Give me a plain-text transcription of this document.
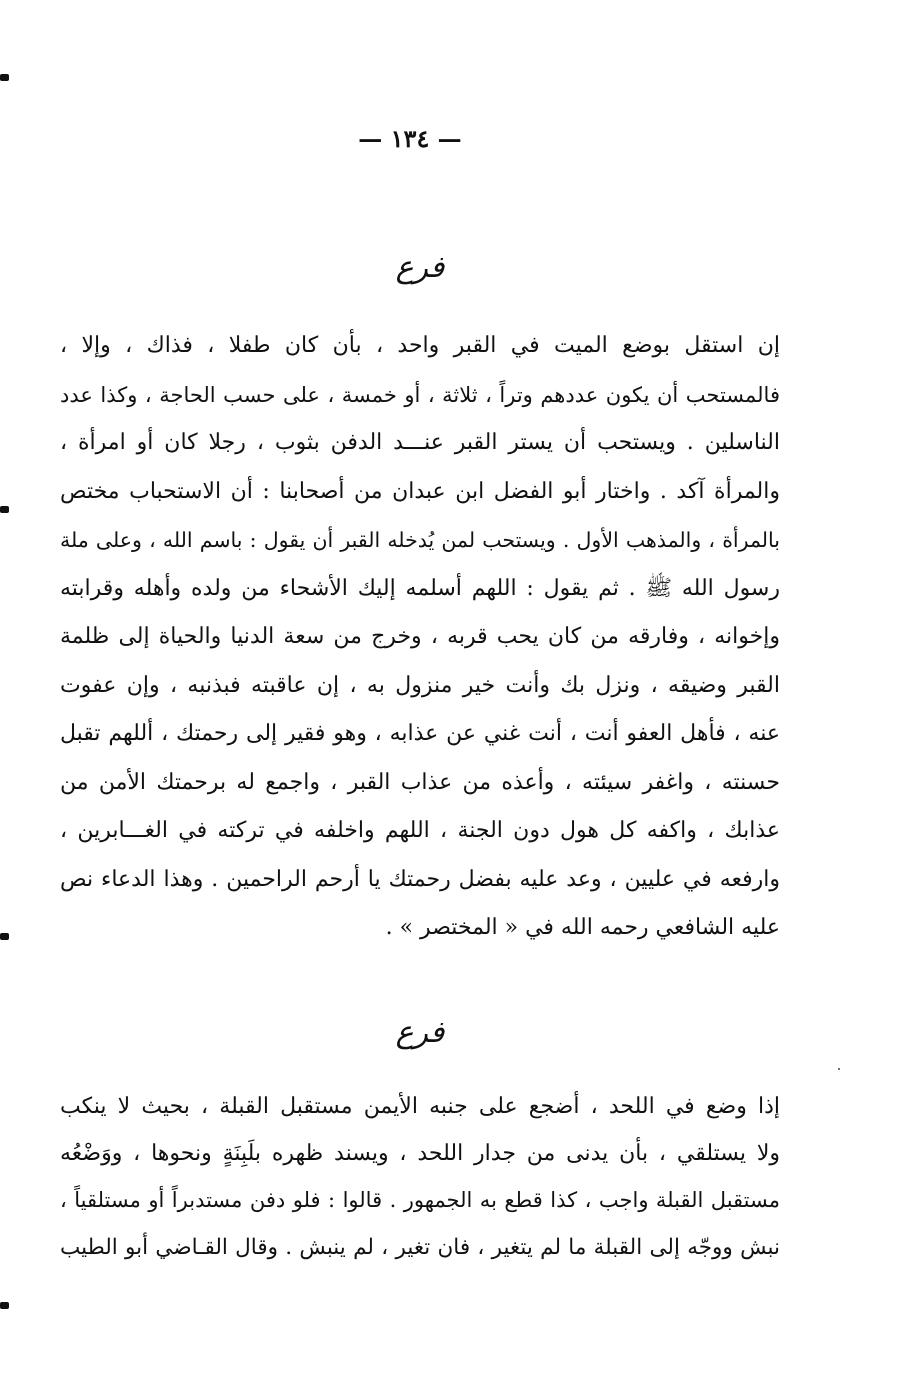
— ١٣٤ —
فرع
إن استقل بوضع الميت في القبر واحد ، بأن كان طفلا ، فذاك ، وإلا ،
فالمستحب أن يكون عددهم وتراً ، ثلاثة ، أو خمسة ، على حسب الحاجة ، وكذا عدد
الناسلين . ويستحب أن يستر القبر عنـــد الدفن بثوب ، رجلا كان أو امرأة ،
والمرأة آكد . واختار أبو الفضل ابن عبدان من أصحابنا : أن الاستحباب مختص
بالمرأة ، والمذهب الأول . ويستحب لمن يُدخله القبر أن يقول : باسم الله ، وعلى ملة
رسول الله ﷺ . ثم يقول : اللهم أسلمه إليك الأشحاء من ولده وأهله وقرابته
وإخوانه ، وفارقه من كان يحب قربه ، وخرج من سعة الدنيا والحياة إلى ظلمة
القبر وضيقه ، ونزل بك وأنت خير منزول به ، إن عاقبته فبذنبه ، وإن عفوت
عنه ، فأهل العفو أنت ، أنت غني عن عذابه ، وهو فقير إلى رحمتك ، أللهم تقبل
حسنته ، واغفر سيئته ، وأعذه من عذاب القبر ، واجمع له برحمتك الأمن من
عذابك ، واكفه كل هول دون الجنة ، اللهم واخلفه في تركته في الغـــابرين ،
وارفعه في عليين ، وعد عليه بفضل رحمتك يا أرحم الراحمين . وهذا الدعاء نص
عليه الشافعي رحمه الله في « المختصر » .
فرع
إذا وضع في اللحد ، أضجع على جنبه الأيمن مستقبل القبلة ، بحيث لا ينكب
ولا يستلقي ، بأن يدنى من جدار اللحد ، ويسند ظهره بلَبِنَةٍ ونحوها ، ووَضْعُه
مستقبل القبلة واجب ، كذا قطع به الجمهور . قالوا : فلو دفن مستدبراً أو مستلقياً ،
نبش ووجّه إلى القبلة ما لم يتغير ، فان تغير ، لم ينبش . وقال القـاضي أبو الطيب
